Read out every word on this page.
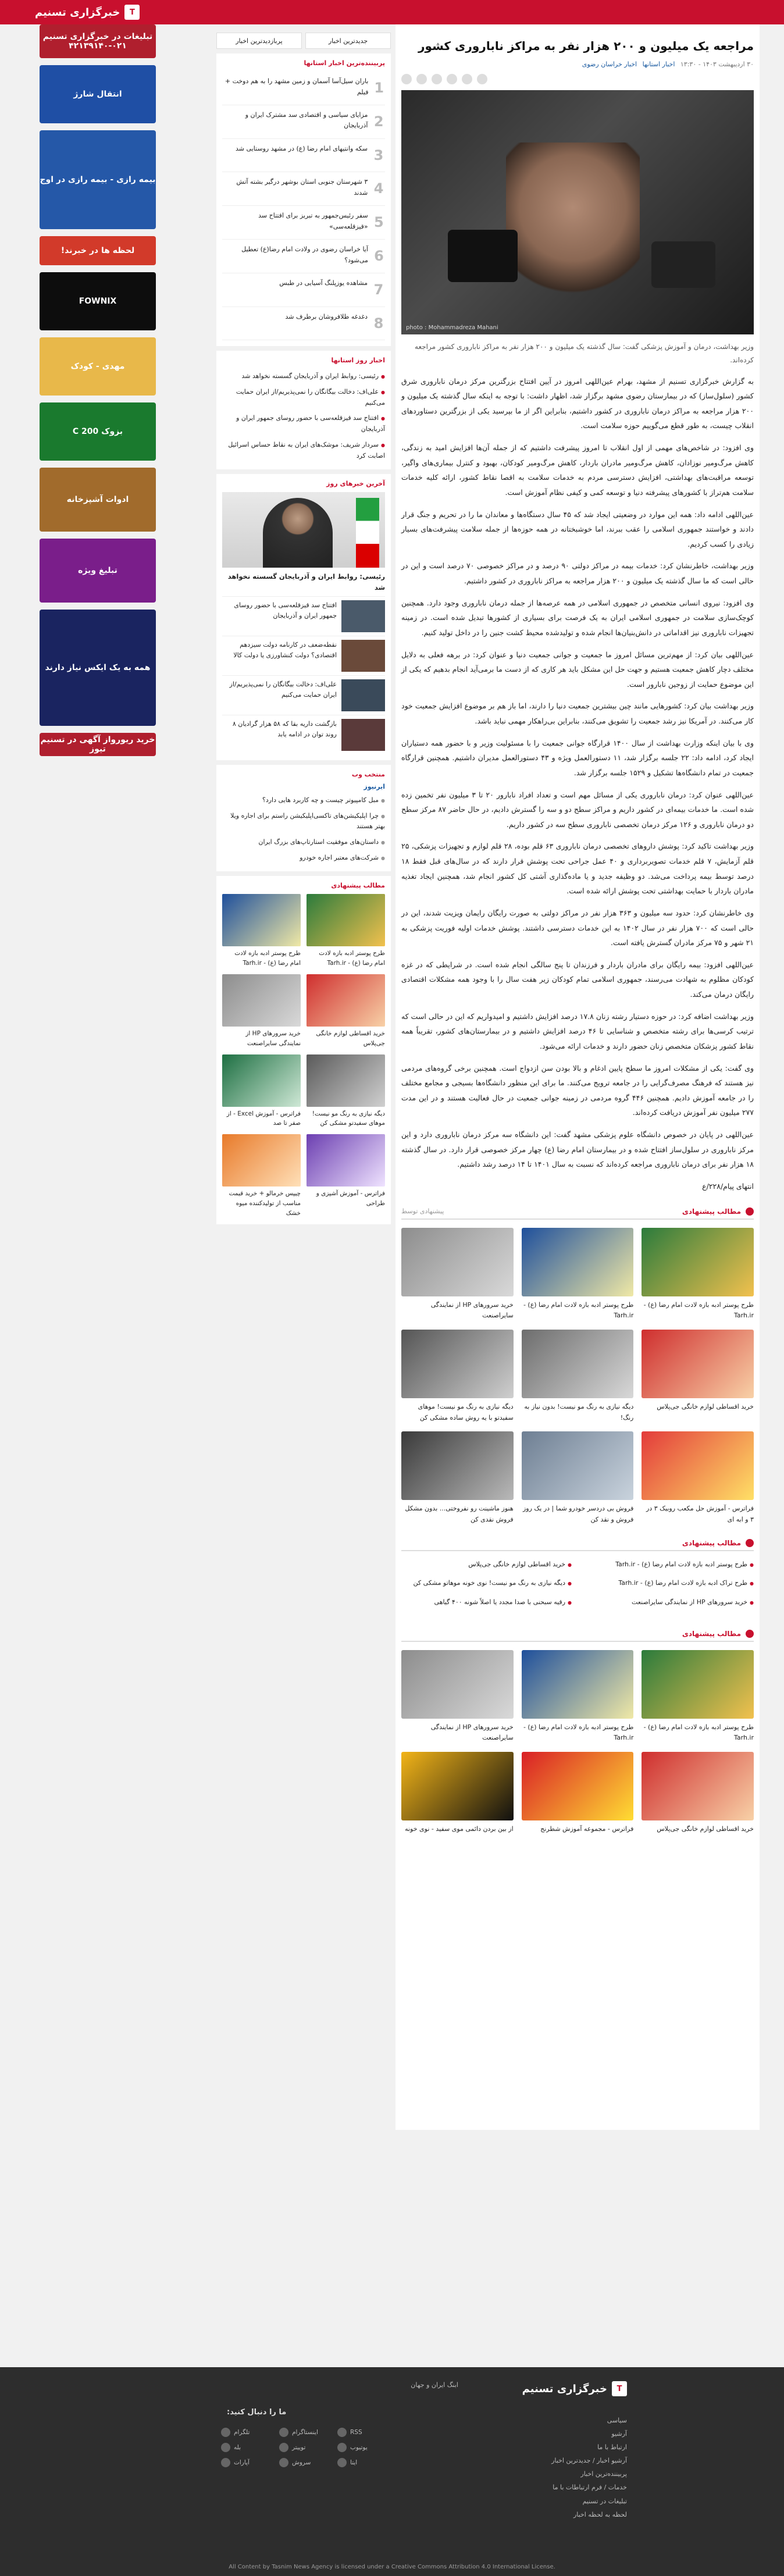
T
خبرگزاری تسنیم
مراجعه یک میلیون و ۲۰۰ هزار نفر به مراکز ناباروری کشور
۳۰ اردیبهشت ۱۴۰۳ - ۱۳:۳۰ اخبار استانها اخبار خراسان رضوی
photo : Mohammadreza Mahani

وزیر بهداشت، درمان و آموزش پزشکی گفت: سال گذشته یک میلیون و ۲۰۰ هزار نفر به مراکز ناباروری کشور مراجعه کرده‌اند.

به گزارش خبرگزاری تسنیم از مشهد، بهرام عین‌اللهی امروز در آیین افتتاح بزرگترین مرکز درمان ناباروری شرق کشور (سلول‌ساز) که در بیمارستان رضوی مشهد برگزار شد، اظهار داشت: با توجه به اینکه سال گذشته یک میلیون و ۲۰۰ هزار مراجعه به مراکز درمان ناباروری در کشور داشتیم، بنابراین اگر از ما بپرسید یکی از بزرگترین دستاوردهای انقلاب چیست، به طور قطع می‌گوییم حوزه سلامت است.

وی افزود: در شاخص‌های مهمی از اول انقلاب تا امروز پیشرفت داشتیم که از جمله آن‌ها افزایش امید به زندگی، کاهش مرگ‌ومیر نوزادان، کاهش مرگ‌ومیر مادران باردار، کاهش مرگ‌ومیر کودکان، بهبود و کنترل بیماری‌های واگیر، توسعه مراقبت‌های بهداشتی، افزایش دسترسی مردم به خدمات سلامت به اقصا نقاط کشور، ارائه کلیه خدمات سلامت هم‌تراز با کشورهای پیشرفته دنیا و توسعه کمی و کیفی نظام آموزش است.

عین‌اللهی ادامه داد: همه این موارد در وضعیتی ایجاد شد که ۴۵ سال دستگاه‌ها و معاندان ما را در تحریم و جنگ قرار دادند و خواستند جمهوری اسلامی را عقب ببرند، اما خوشبختانه در همه حوزه‌ها از جمله سلامت پیشرفت‌های بسیار زیادی را کسب کردیم.

وزیر بهداشت، خاطرنشان کرد: خدمات بیمه در مراکز دولتی ۹۰ درصد و در مراکز خصوصی ۷۰ درصد است و این در حالی است که ما سال گذشته یک میلیون و ۲۰۰ هزار مراجعه به مراکز ناباروری در کشور داشتیم.

وی افزود: نیروی انسانی متخصص در جمهوری اسلامی در همه عرصه‌ها از جمله درمان ناباروری وجود دارد. همچنین کوچک‌سازی سلامت در جمهوری اسلامی ایران به یک فرصت برای بسیاری از کشورها تبدیل شده است. در زمینه تجهیزات ناباروری نیز اقداماتی در دانش‌بنیان‌ها انجام شده و تولیدشده محیط کشت جنین را در داخل تولید کنیم.

عین‌اللهی بیان کرد: از مهم‌ترین مسائل امروز ما جمعیت و جوانی جمعیت دنیا و عنوان کرد: در برهه فعلی به دلایل مختلف دچار کاهش جمعیت هستیم و جهت حل این مشکل باید هر کاری که از دست ما برمی‌آید انجام بدهیم که یکی از این موضوع حمایت از زوجین نابارور است.

وزیر بهداشت بیان کرد: کشورهایی مانند چین بیشترین جمعیت دنیا را دارند، اما باز هم بر موضوع افزایش جمعیت خود کار می‌کنند. در آمریکا نیز رشد جمعیت را تشویق می‌کنند، بنابراین بی‌راهکار مهمی نباید باشد.

وی با بیان اینکه وزارت بهداشت از سال ۱۴۰۰ قرارگاه جوانی جمعیت را با مسئولیت وزیر و با حضور همه دستیاران ایجاد کرد، ادامه داد: ۲۲ جلسه برگزار شد، ۱۱ دستورالعمل ویژه و ۴۳ دستورالعمل مدیران داشتیم. همچنین قرارگاه جمعیت در تمام دانشگاه‌ها تشکیل و ۱۵۲۹ جلسه برگزار شد.

عین‌اللهی عنوان کرد: درمان ناباروری یکی از مسائل مهم است و تعداد افراد نابارور ۲۰ تا ۳ میلیون نفر تخمین زده شده است. ما خدمات بیمه‌ای در کشور داریم و مراکز سطح دو و سه را گسترش دادیم، در حال حاضر ۸۷ مرکز سطح دو درمان ناباروری و ۱۲۶ مرکز درمان تخصصی ناباروری سطح سه در کشور داریم.

وزیر بهداشت تاکید کرد: پوشش داروهای تخصصی درمان ناباروری ۶۳ قلم بوده، ۲۸ قلم لوازم و تجهیزات پزشکی، ۲۵ قلم آزمایش، ۷ قلم خدمات تصویربرداری و ۴۰ عمل جراحی تحت پوشش قرار دارند که در سال‌های قبل فقط ۱۸ درصد توسط بیمه پرداخت می‌شد. دو وظیفه جدید و یا ماده‌گذاری آشتی کل کشور انجام شد، همچنین ایجاد تغذیه مادران باردار با حمایت بهداشتی تحت پوشش ارائه شده است.

وی خاطرنشان کرد: حدود سه میلیون و ۳۶۳ هزار نفر در مراکز دولتی به صورت رایگان رایمان ویزیت شدند، این در حالی است که ۷۰۰ هزار نفر در سال ۱۴۰۲ به این خدمات دسترسی داشتند. پوشش خدمات اولیه فوریت پزشکی به ۲۱ شهر و ۷۵ مرکز مادران گسترش یافته است.

عین‌اللهی افزود: بیمه رایگان برای مادران باردار و فرزندان تا پنج سالگی انجام شده است. در شرایطی که در غزه کودکان مظلوم به شهادت می‌رسند، جمهوری اسلامی تمام کودکان زیر هفت سال را با وجود همه مشکلات اقتصادی رایگان درمان می‌کند.

وزیر بهداشت اضافه کرد: در حوزه دستیار رشته زنان ۱۷.۸ درصد افزایش داشتیم و امیدواریم که این در حالی است که ترتیب کرسی‌ها برای رشته متخصص و شناسایی تا ۴۶ درصد افزایش داشتیم و در بیمارستان‌های کشور، تقریباً همه نقاط کشور پزشکان متخصص زنان حضور دارند و خدمات ارائه می‌شود.

وی گفت: یکی از مشکلات امروز ما سطح پایین ادغام و بالا بودن سن ازدواج است. همچنین برخی گروه‌های مردمی نیز هستند که فرهنگ مصرف‌گرایی را در جامعه ترویج می‌کنند. ما برای این منظور دانشگاه‌ها بسیجی و مجامع مختلف را در جامعه آموزش دادیم. همچنین ۴۴۶ گروه مردمی در زمینه جوانی جمعیت در حال فعالیت هستند و در این مدت ۲۷۷ میلیون نفر آموزش دریافت کرده‌اند.

عین‌اللهی در پایان در خصوص دانشگاه علوم پزشکی مشهد گفت: این دانشگاه سه مرکز درمان ناباروری دارد و این مرکز ناباروری در سلول‌ساز افتتاح شده و در بیمارستان امام رضا (ع) چهار مرکز خصوصی قرار دارد. در سال گذشته ۱۸ هزار نفر برای درمان ناباروری مراجعه کرده‌اند که نسبت به سال ۱۴۰۱ تا ۱۴ درصد رشد داشتیم.

انتهای پیام/۲۲۸/ع

مطالب پیشنهادی
پیشنهادی توسط
طرح پوستر ادبه بازه لادت امام رضا (ع) - Tarh.ir
طرح پوستر ادبه بازه لادت امام رضا (ع) - Tarh.ir
خرید سرورهای HP از نمایندگی سایراصنعت
خرید اقساطی لوازم خانگی جی‌پلاس
دیگه نیازی به رنگ مو نیست! بدون نیاز به رنگ!
دیگه نیازی به رنگ مو نیست! موهای سفیدتو با یه روش ساده مشکی کن
فراترس - آموزش حل مکعب روبیک ۳ در ۳ و ابه ای
فروش بی دردسر خودرو شما | در یک روز فروش و نقد کن
هنوز ماشینت رو نفروختی... بدون مشکل فروش نقدی کن
مطالب پیشنهادی
● طرح پوستر ادبه بازه لادت امام رضا (ع) - Tarh.ir
● خرید اقساطی لوازم خانگی جی‌پلاس
● طرح تراک ادبه بازه لادت امام رضا (ع) - Tarh.ir
● دیگه نیازی به رنگ مو نیست! نوی خونه موهاتو مشکی کن
● خرید سرورهای HP از نمایندگی سایراصنعت
● رقیه سبحنی با صدا مجدد یا اصلاً شونه ۴۰۰ گیاهی
مطالب پیشنهادی
طرح پوستر ادبه بازه لادت امام رضا (ع) - Tarh.ir
طرح پوستر ادبه بازه لادت امام رضا (ع) - Tarh.ir
خرید سرورهای HP از نمایندگی سایراصنعت
خرید اقساطی لوازم خانگی جی‌پلاس
فراترس - مجموعه آموزش شطرنج
از بین بردن دائمی موی سفید - نوی خونه
جدیدترین اخبار
پربازدیدترین اخبار
پربیننده‌ترین اخبار استانها
1
باران سیل‌آسا آسمان و زمین مشهد را به هم دوخت + فیلم
2
مزایای سیاسی و اقتصادی سد مشترک ایران و آذربایجان
3
سکه وانتیهای امام رضا (ع) در مشهد روستایی شد
4
۳ شهرستان جنوبی استان بوشهر درگیر بشته آتش شدند
5
سفر رئیس‌جمهور به تبریز برای افتتاح سد «قیزقلعه‌سی»
6
آیا خراسان رضوی در ولادت امام رضا(ع) تعطیل می‌شود؟
7
مشاهده یوزپلنگ آسیایی در طبس
8
دغدغه طلافروشان برطرف شد
اخبار روز استانها
● رئیسی: روابط ایران و آذربایجان گسسته نخواهد شد
● علی‌اف: دخالت بیگانگان را نمی‌پذیریم/از ایران حمایت می‌کنیم
● افتتاح سد قیزقلعه‌سی با حضور روسای جمهور ایران و آذربایجان
● سردار شریف: موشک‌های ایران به نقاط حساس اسرائیل اصابت کرد
آخرین خبرهای روز
رئیسی: روابط ایران و آذربایجان گسسته نخواهد شد
افتتاح سد قیزقلعه‌سی با حضور روسای جمهور ایران و آذربایجان
نقطه‌ضعف در کارنامه دولت سیزدهم اقتصادی؟ دولت کنشاورزی یا دولت کالا
علی‌اف: دخالت بیگانگان را نمی‌پذیریم/از ایران حمایت می‌کنیم
بازگشت داریه بقا که ۵۸ هزار گرادیان ۸ روند توان در ادامه یابد
منتخب وب
ایرنیوز
● مبل کامپیوتر چیست و چه کاربرد هایی دارد؟
● چرا اپلیکیشن‌های تاکسی‌اپلیکیشن راستم برای اجاره ویلا بهتر هستند
● داستان‌های موفقیت استارتاپ‌های بزرگ ایران
● شرکت‌های معتبر اجاره خودرو
مطالب پیشنهادی
طرح پوستر ادبه بازه لادت امام رضا (ع) - Tarh.ir
طرح پوستر ادبه بازه لادت امام رضا (ع) - Tarh.ir
خرید اقساطی لوازم خانگی جی‌پلاس
خرید سرورهای HP از نمایندگی سایراصنعت
دیگه نیازی به رنگ مو نیست! موهای سفیدتو مشکی کن
فراترس - آموزش Excel - از صفر تا صد
فراترس - آموزش آشپزی و طراحی
چیپس خرمالو + خرید قیمت مناسب از تولیدکننده میوه خشک
تبلیغات در خبرگزاری تسنیم ۰۲۱-۴۲۱۳۹۱۴۰
انتقال شارژ
بیمه رازی - بیمه رازی در اوج
لحظه ها در خبرند!
FOWNIX
مهدی - کودک
بزوک C 200
ادوات آشپزخانه
تبلیغ ویژه
همه به یک ایکس نیاز دارند
خرید ریورواز آگهی در تسنیم تیوز
T
خبرگزاری تسنیم
ابنگ ایران و جهان
سیاسی
آرشیو
ارتباط با ما
آرشیو اخبار / جدیدترین اخبار
پربیننده‌ترین اخبار
خدمات / فرم ارتباطات با ما
تبلیغات در تسنیم
لحظه به لحظه اخبار
ما را دنبال کنید:
RSS
اینستاگرام
تلگرام
یوتیوب
توییتر
بله
ایتا
سروش
آپارات
All Content by Tasnim News Agency is licensed under a Creative Commons Attribution 4.0 International License.
